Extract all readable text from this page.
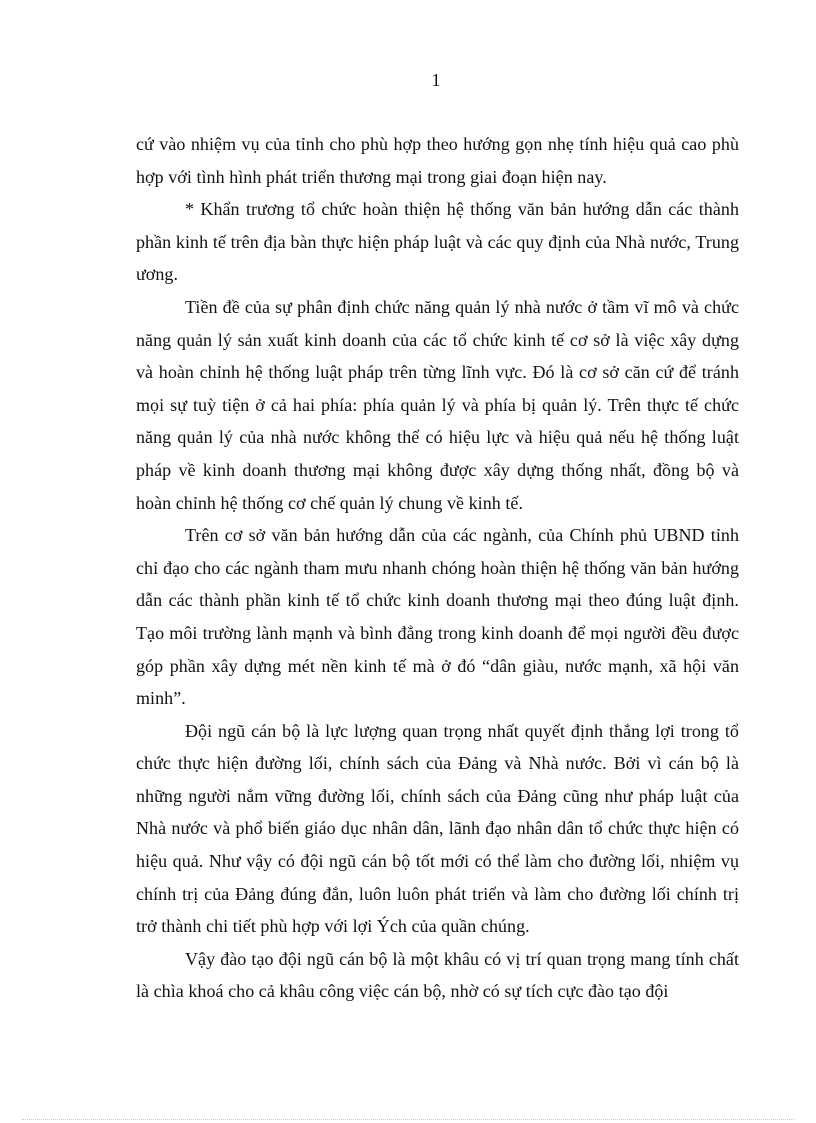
1

cứ vào nhiệm vụ của tỉnh cho phù hợp theo hướng gọn nhẹ tính hiệu quả cao phù hợp với tình hình phát triển thương mại trong giai đoạn hiện nay.

* Khẩn trương tổ chức hoàn thiện hệ thống văn bản hướng dẫn các thành phần kinh tế trên địa bàn thực hiện pháp luật và các quy định của Nhà nước, Trung ương.

Tiền đề của sự phân định chức năng quản lý nhà nước ở tầm vĩ mô và chức năng quản lý sản xuất kinh doanh của các tổ chức kinh tế cơ sở là việc xây dựng và hoàn chỉnh hệ thống luật pháp trên từng lĩnh vực. Đó là cơ sở căn cứ để tránh mọi sự tuỳ tiện ở cả hai phía: phía quản lý và phía bị quản lý. Trên thực tế chức năng quản lý của nhà nước không thể có hiệu lực và hiệu quả nếu hệ thống luật pháp về kinh doanh thương mại không được xây dựng thống nhất, đồng bộ và hoàn chỉnh hệ thống cơ chế quản lý chung về kinh tế.

Trên cơ sở văn bản hướng dẫn của các ngành, của Chính phủ UBND tỉnh chỉ đạo cho các ngành tham mưu nhanh chóng hoàn thiện hệ thống văn bản hướng dẫn các thành phần kinh tế tổ chức kinh doanh thương mại theo đúng luật định. Tạo môi trường lành mạnh và bình đẳng trong kinh doanh để mọi người đều được góp phần xây dựng mét nền kinh tế mà ở đó “dân giàu, nước mạnh, xã hội văn minh”.

Đội ngũ cán bộ là lực lượng quan trọng nhất quyết định thắng lợi trong tổ chức thực hiện đường lối, chính sách của Đảng và Nhà nước. Bởi vì cán bộ là những người nắm vững đường lối, chính sách của Đảng cũng như pháp luật của Nhà nước và phổ biến giáo dục nhân dân, lãnh đạo nhân dân tổ chức thực hiện có hiệu quả. Như vậy có đội ngũ cán bộ tốt mới có thể làm cho đường lối, nhiệm vụ chính trị của Đảng đúng đắn, luôn luôn phát triển và làm cho đường lối chính trị trở thành chi tiết phù hợp với lợi Ých của quần chúng.

Vậy đào tạo đội ngũ cán bộ là một khâu có vị trí quan trọng mang tính chất là chìa khoá cho cả khâu công việc cán bộ, nhờ có sự tích cực đào tạo đội
